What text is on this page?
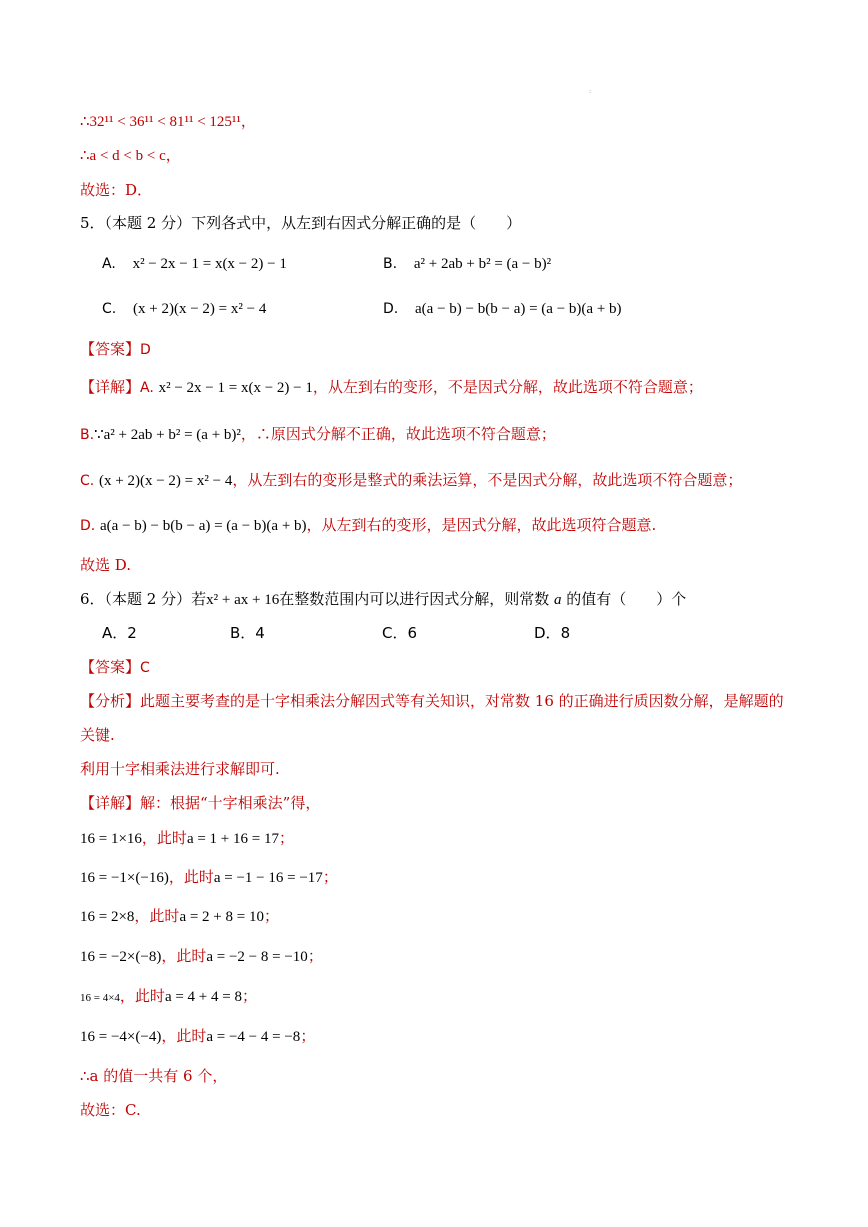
:
∴32¹¹ < 36¹¹ < 81¹¹ < 125¹¹，
∴a < d < b < c，
故选：D．
5．（本题 2 分）下列各式中，从左到右因式分解正确的是（　　）
A. x² − 2x − 1 = x(x − 2) − 1	B. a² + 2ab + b² = (a − b)²
C. (x + 2)(x − 2) = x² − 4	D. a(a − b) − b(b − a) = (a − b)(a + b)
【答案】D
【详解】A. x² − 2x − 1 = x(x − 2) − 1，从左到右的变形，不是因式分解，故此选项不符合题意；
B.∵a² + 2ab + b² = (a + b)²，∴原因式分解不正确，故此选项不符合题意；
C. (x + 2)(x − 2) = x² − 4，从左到右的变形是整式的乘法运算，不是因式分解，故此选项不符合题意；
D. a(a − b) − b(b − a) = (a − b)(a + b)，从左到右的变形，是因式分解，故此选项符合题意.
故选 D.
6．（本题 2 分）若x² + ax + 16在整数范围内可以进行因式分解，则常数 a 的值有（　　）个
A．2	B．4	C．6	D．8
【答案】C
【分析】此题主要考查的是十字相乘法分解因式等有关知识，对常数 16 的正确进行质因数分解，是解题的
关键.
利用十字相乘法进行求解即可.
【详解】解：根据“十字相乘法”得，
16 = 1×16，此时a = 1 + 16 = 17；
16 = −1×(−16)，此时a = −1 − 16 = −17；
16 = 2×8，此时a = 2 + 8 = 10；
16 = −2×(−8)，此时a = −2 − 8 = −10；
16 = 4×4，此时a = 4 + 4 = 8；
16 = −4×(−4)，此时a = −4 − 4 = −8；
∴a 的值一共有 6 个，
故选：C.
